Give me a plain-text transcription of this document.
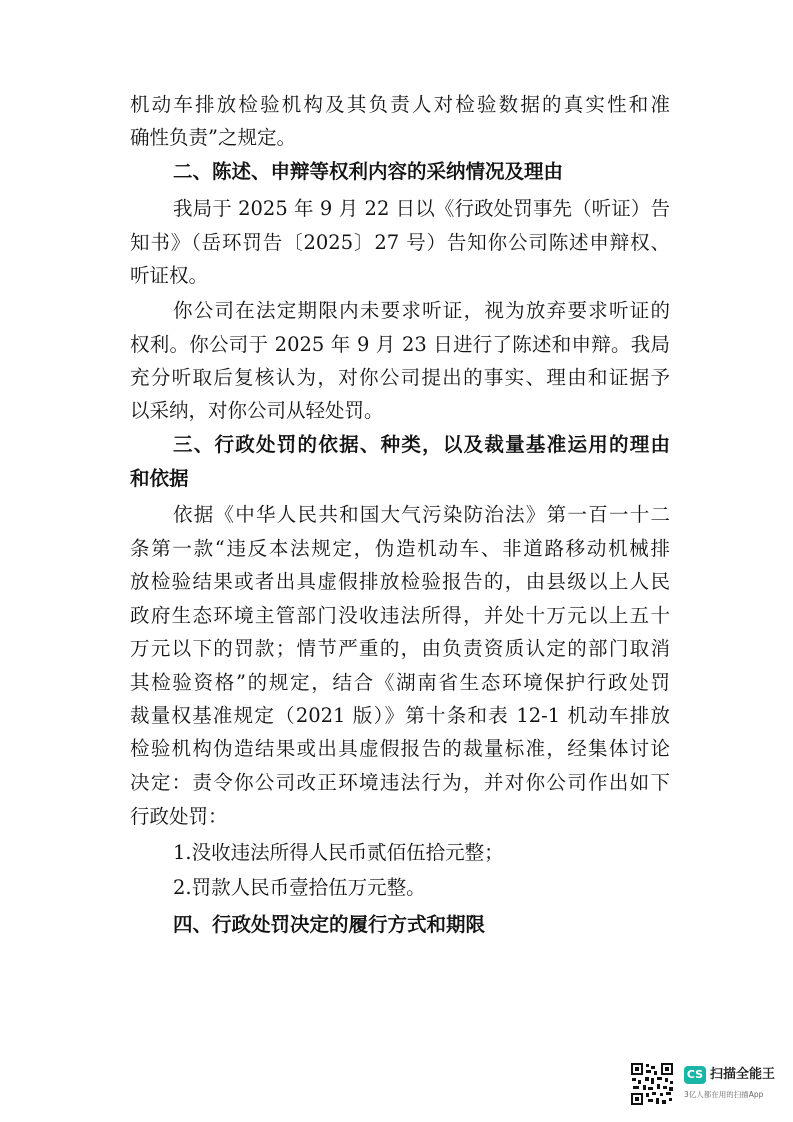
机动车排放检验机构及其负责人对检验数据的真实性和准
确性负责”之规定。
二、陈述、申辩等权利内容的采纳情况及理由
我局于 2025 年 9 月 22 日以《行政处罚事先（听证）告
知书》（岳环罚告〔2025〕27 号）告知你公司陈述申辩权、
听证权。
你公司在法定期限内未要求听证，视为放弃要求听证的
权利。你公司于 2025 年 9 月 23 日进行了陈述和申辩。我局
充分听取后复核认为，对你公司提出的事实、理由和证据予
以采纳，对你公司从轻处罚。
三、行政处罚的依据、种类，以及裁量基准运用的理由
和依据
依据《中华人民共和国大气污染防治法》第一百一十二
条第一款“违反本法规定，伪造机动车、非道路移动机械排
放检验结果或者出具虚假排放检验报告的，由县级以上人民
政府生态环境主管部门没收违法所得，并处十万元以上五十
万元以下的罚款；情节严重的，由负责资质认定的部门取消
其检验资格”的规定，结合《湖南省生态环境保护行政处罚
裁量权基准规定（2021 版）》第十条和表 12-1 机动车排放
检验机构伪造结果或出具虚假报告的裁量标准，经集体讨论
决定：责令你公司改正环境违法行为，并对你公司作出如下
行政处罚：
1.没收违法所得人民币贰佰伍拾元整；
2.罚款人民币壹拾伍万元整。
四、行政处罚决定的履行方式和期限
CS 扫描全能王
3亿人都在用的扫描App
